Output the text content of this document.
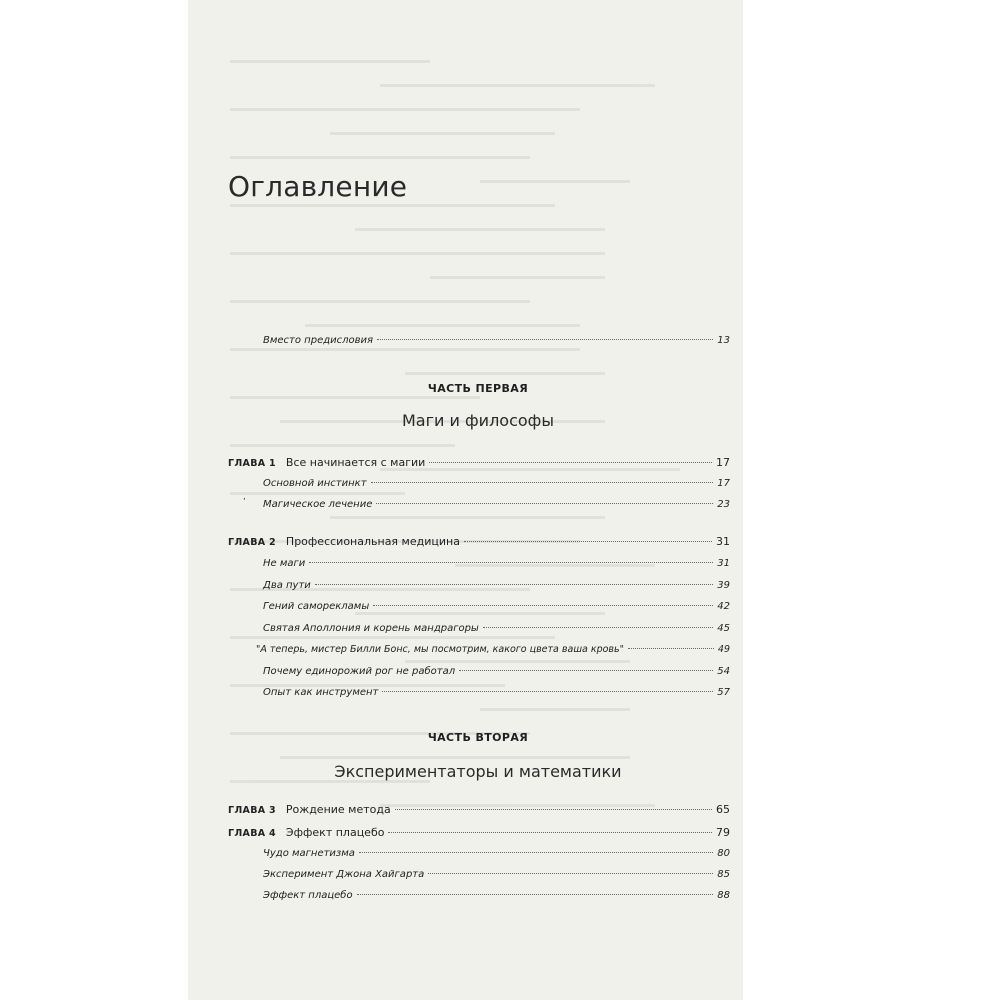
Оглавление
Вместо предисловия	13
ЧАСТЬ ПЕРВАЯ
Маги и философы
ГЛАВА 1 Все начинается с магии	17
Основной инстинкт	17
,
Магическое лечение	23
ГЛАВА 2 Профессиональная медицина	31
Не маги	31
Два пути	39
Гений саморекламы	42
Святая Аполлония и корень мандрагоры	45
"А теперь, мистер Билли Бонс, мы посмотрим, какого цвета ваша кровь"	49
Почему единорожий рог не работал	54
Опыт как инструмент	57
ЧАСТЬ ВТОРАЯ
Экспериментаторы и математики
ГЛАВА 3 Рождение метода	65
ГЛАВА 4 Эффект плацебо	79
Чудо магнетизма	80
Эксперимент Джона Хайгарта	85
Эффект плацебо	88
